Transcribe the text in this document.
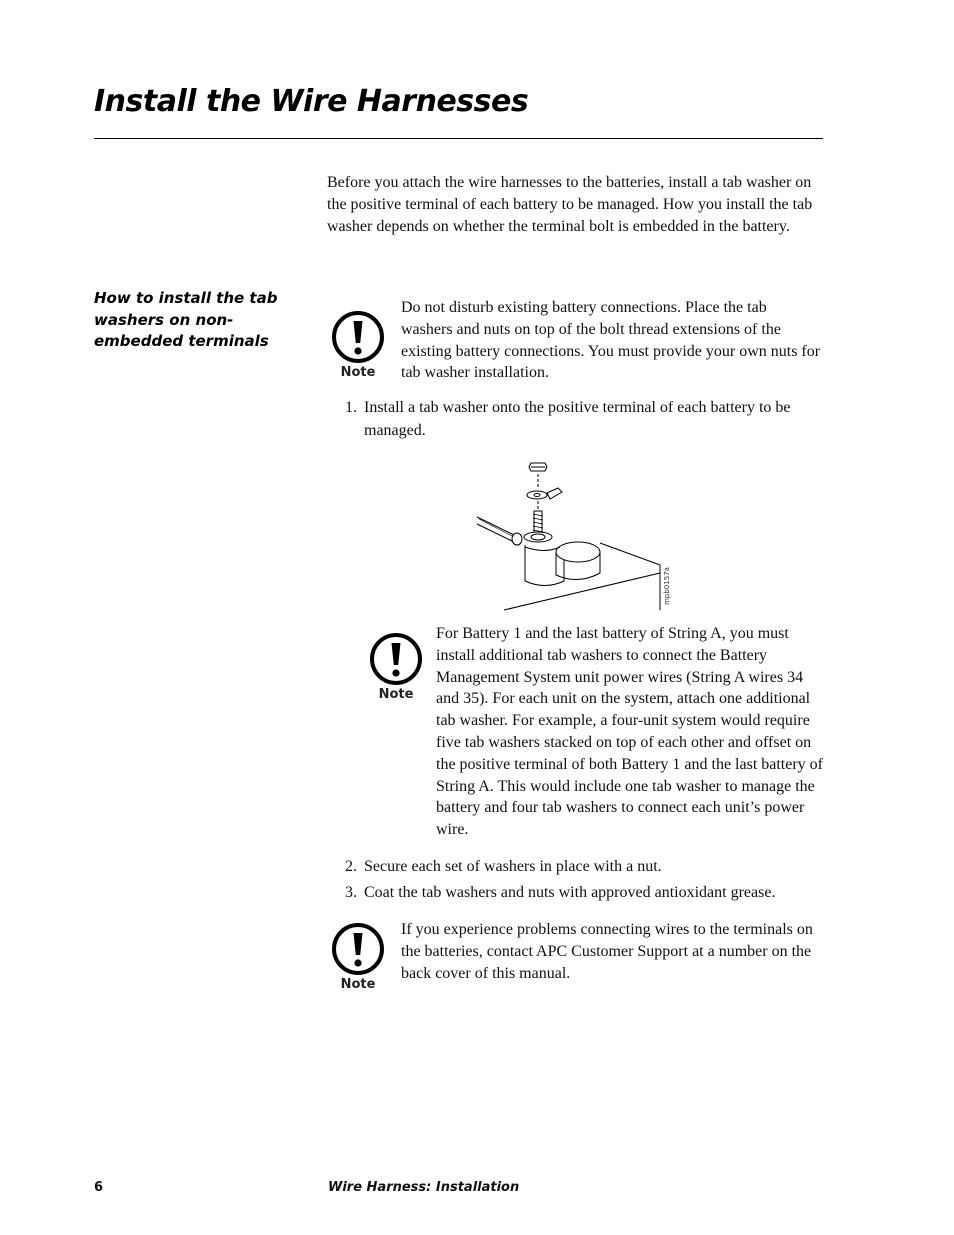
Install the Wire Harnesses

Before you attach the wire harnesses to the batteries, install a tab washer on the positive terminal of each battery to be managed. How you install the tab washer depends on whether the terminal bolt is embedded in the battery.

How to install the tab washers on non-embedded terminals
Note

Do not disturb existing battery connections. Place the tab washers and nuts on top of the bolt thread extensions of the existing battery connections. You must provide your own nuts for tab washer installation.

1. Install a tab washer onto the positive terminal of each battery to be managed.
mpb0157a
Note

For Battery 1 and the last battery of String A, you must install additional tab washers to connect the Battery Management System unit power wires (String A wires 34 and 35). For each unit on the system, attach one additional tab washer. For example, a four-unit system would require five tab washers stacked on top of each other and offset on the positive terminal of both Battery 1 and the last battery of String A. This would include one tab washer to manage the battery and four tab washers to connect each unit’s power wire.

2. Secure each set of washers in place with a nut.
3. Coat the tab washers and nuts with approved antioxidant grease.
Note

If you experience problems connecting wires to the terminals on the batteries, contact APC Customer Support at a number on the back cover of this manual.

6	Wire Harness: Installation
